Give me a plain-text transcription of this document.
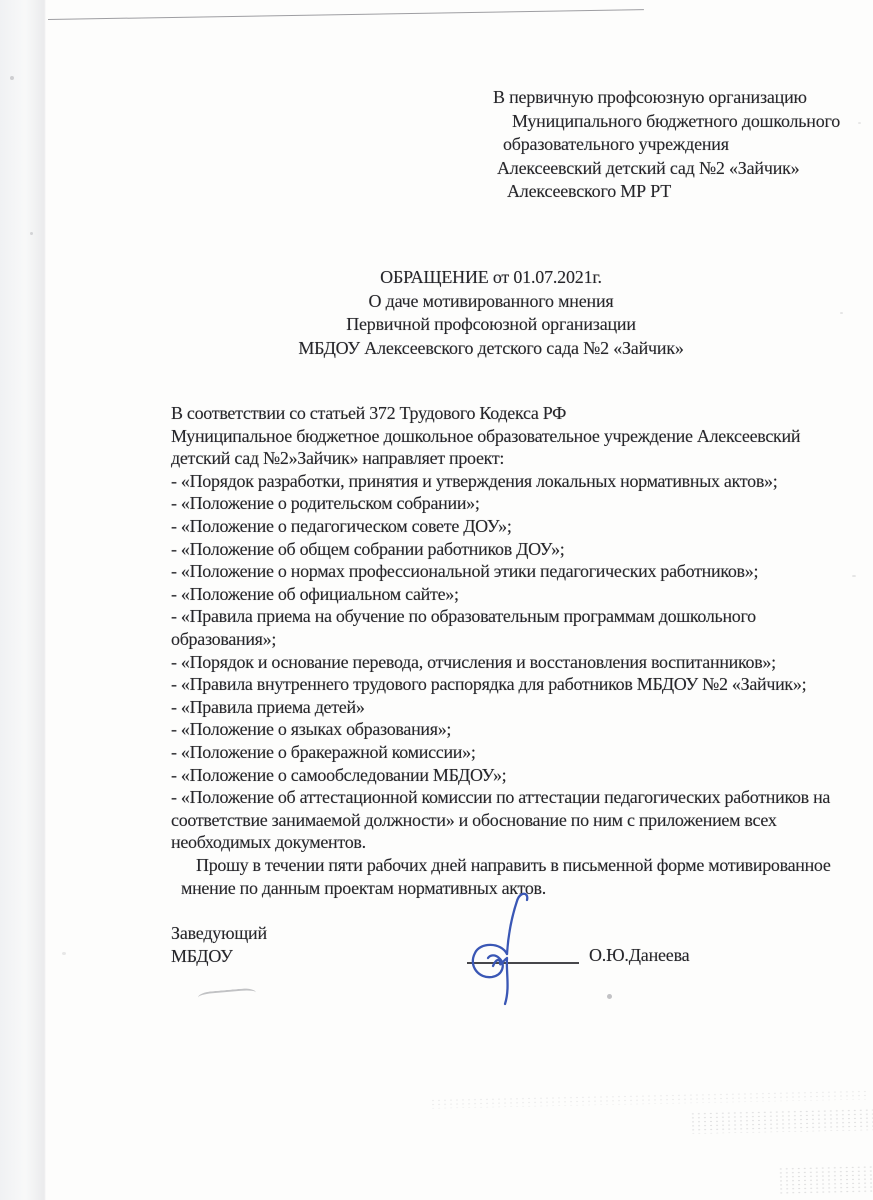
В первичную профсоюзную организацию
Муниципального бюджетного дошкольного
образовательного учреждения
Алексеевский детский сад №2 «Зайчик»
Алексеевского МР РТ
ОБРАЩЕНИЕ от 01.07.2021г.
О даче мотивированного мнения
Первичной профсоюзной организации
МБДОУ Алексеевского детского сада №2 «Зайчик»
В соответствии со статьей 372 Трудового Кодекса РФ
Муниципальное бюджетное дошкольное образовательное учреждение Алексеевский
детский сад №2»Зайчик» направляет проект:
- «Порядок разработки, принятия и утверждения локальных нормативных актов»;
- «Положение о родительском собрании»;
- «Положение о педагогическом совете ДОУ»;
- «Положение об общем собрании работников ДОУ»;
- «Положение о нормах профессиональной этики педагогических работников»;
- «Положение об официальном сайте»;
- «Правила приема на обучение по образовательным программам дошкольного
образования»;
- «Порядок и основание перевода, отчисления и восстановления воспитанников»;
- «Правила внутреннего трудового распорядка для работников МБДОУ №2 «Зайчик»;
- «Правила приема детей»
- «Положение о языках образования»;
- «Положение о бракеражной комиссии»;
- «Положение о самообследовании МБДОУ»;
- «Положение об аттестационной комиссии по аттестации педагогических работников на
соответствие занимаемой должности» и обоснование по ним с приложением всех
необходимых документов.
Прошу в течении пяти рабочих дней направить в письменной форме мотивированное
мнение по данным проектам нормативных актов.
Заведующий
МБДОУ	О.Ю.Данеева
